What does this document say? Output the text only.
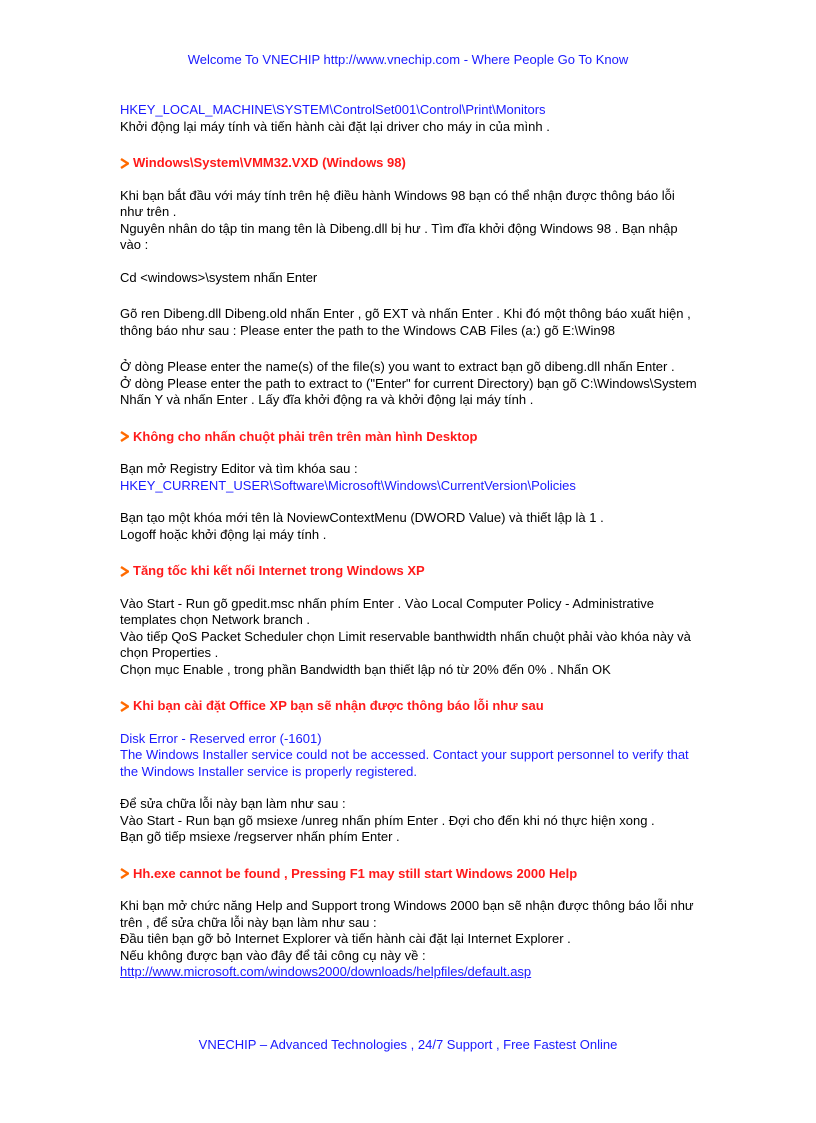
Welcome To VNECHIP http://www.vnechip.com - Where People Go To Know

HKEY_LOCAL_MACHINE\SYSTEM\ControlSet001\Control\Print\Monitors

Khởi động lại máy tính và tiến hành cài đặt lại driver cho máy in của mình .

Windows\System\VMM32.VXD (Windows 98)

Khi bạn bắt đầu với máy tính trên hệ điều hành Windows 98 bạn có thể nhận được thông báo lỗi như trên .

Nguyên nhân do tập tin mang tên là Dibeng.dll bị hư . Tìm đĩa khởi động Windows 98 . Bạn nhập vào :

Cd <windows>\system nhấn Enter

Gõ ren Dibeng.dll Dibeng.old nhấn Enter , gõ EXT và nhấn Enter . Khi đó một thông báo xuất hiện , thông báo như sau : Please enter the path to the Windows CAB Files (a:) gõ E:\Win98

Ở dòng Please enter the name(s) of the file(s) you want to extract bạn gõ dibeng.dll nhấn Enter .

Ở dòng Please enter the path to extract to ("Enter" for current Directory) bạn gõ C:\Windows\System

Nhấn Y và nhấn Enter . Lấy đĩa khởi động ra và khởi động lại máy tính .

Không cho nhấn chuột phải trên trên màn hình Desktop

Bạn mở Registry Editor và tìm khóa sau :

HKEY_CURRENT_USER\Software\Microsoft\Windows\CurrentVersion\Policies

Bạn tạo một khóa mới tên là NoviewContextMenu (DWORD Value) và thiết lập là 1 .

Logoff hoặc khởi động lại máy tính .

Tăng tốc khi kết nối Internet trong Windows XP

Vào Start - Run gõ gpedit.msc nhấn phím Enter . Vào Local Computer Policy - Administrative templates chọn Network branch .

Vào tiếp QoS Packet Scheduler chọn Limit reservable banthwidth nhấn chuột phải vào khóa này và chọn Properties .

Chọn mục Enable , trong phần Bandwidth bạn thiết lập nó từ 20% đến 0% . Nhấn OK

Khi bạn cài đặt Office XP bạn sẽ nhận được thông báo lỗi như sau

Disk Error - Reserved error (-1601)

The Windows Installer service could not be accessed. Contact your support personnel to verify that the Windows Installer service is properly registered.

Để sửa chữa lỗi này bạn làm như sau :

Vào Start - Run bạn gõ msiexe /unreg nhấn phím Enter . Đợi cho đến khi nó thực hiện xong .

Bạn gõ tiếp msiexe /regserver nhấn phím Enter .

Hh.exe cannot be found , Pressing F1 may still start Windows 2000 Help

Khi bạn mở chức năng Help and Support trong Windows 2000 bạn sẽ nhận được thông báo lỗi như trên , để sửa chữa lỗi này bạn làm như sau :

Đầu tiên bạn gỡ bỏ Internet Explorer và tiến hành cài đặt lại Internet Explorer .

Nếu không được bạn vào đây để tải công cụ này về :

http://www.microsoft.com/windows2000/downloads/helpfiles/default.asp

VNECHIP – Advanced Technologies , 24/7 Support , Free Fastest Online
